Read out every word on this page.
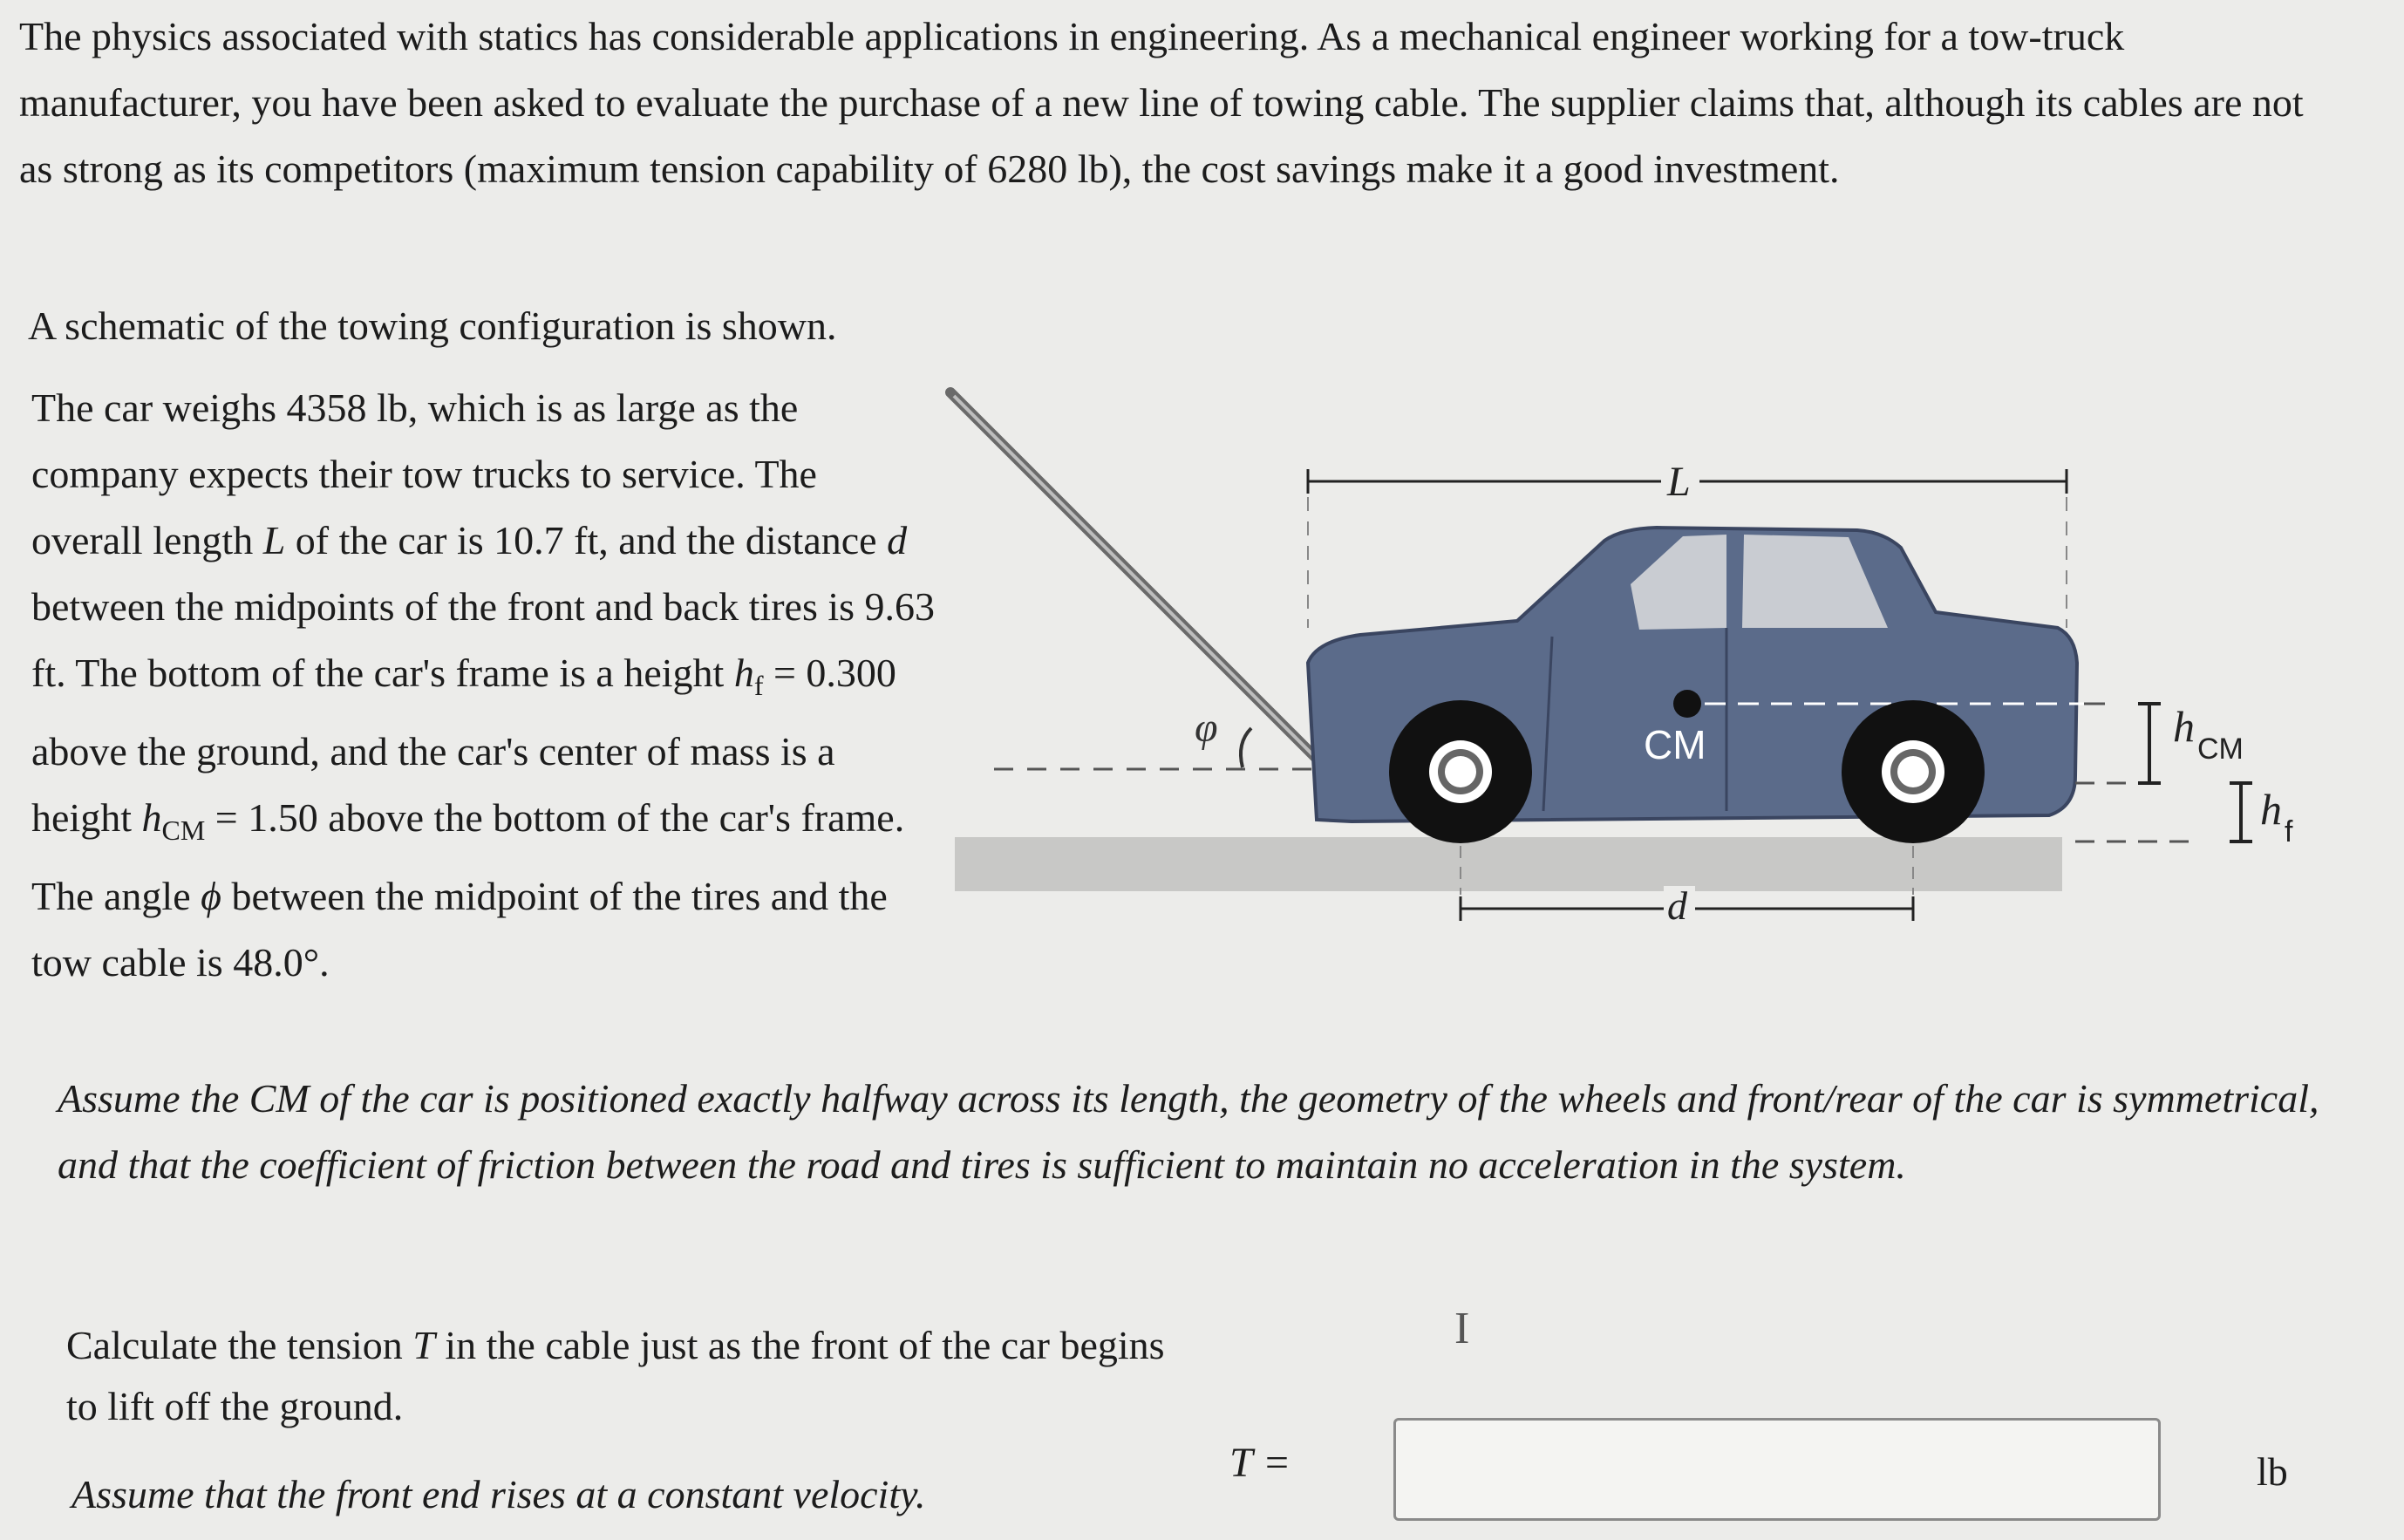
The physics associated with statics has considerable applications in engineering. As a mechanical engineer working for a tow-truck manufacturer, you have been asked to evaluate the purchase of a new line of towing cable. The supplier claims that, although its cables are not as strong as its competitors (maximum tension capability of 6280 lb), the cost savings make it a good investment.

A schematic of the towing configuration is shown.

The car weighs 4358 lb, which is as large as the company expects their tow trucks to service. The overall length L of the car is 10.7 ft, and the distance d between the midpoints of the front and back tires is 9.63 ft. The bottom of the car's frame is a height $h_f = 0.300$ above the ground, and the car's center of mass is a height $h_{CM} = 1.50$ above the bottom of the car's frame. The angle ϕ between the midpoint of the tires and the tow cable is 48.0°.

CM
φ
L
d
h CM
h f

Assume the CM of the car is positioned exactly halfway across its length, the geometry of the wheels and front/rear of the car is symmetrical, and that the coefficient of friction between the road and tires is sufficient to maintain no acceleration in the system.

Calculate the tension T in the cable just as the front of the car begins to lift off the ground.

Assume that the front end rises at a constant velocity.

I

T =	lb
